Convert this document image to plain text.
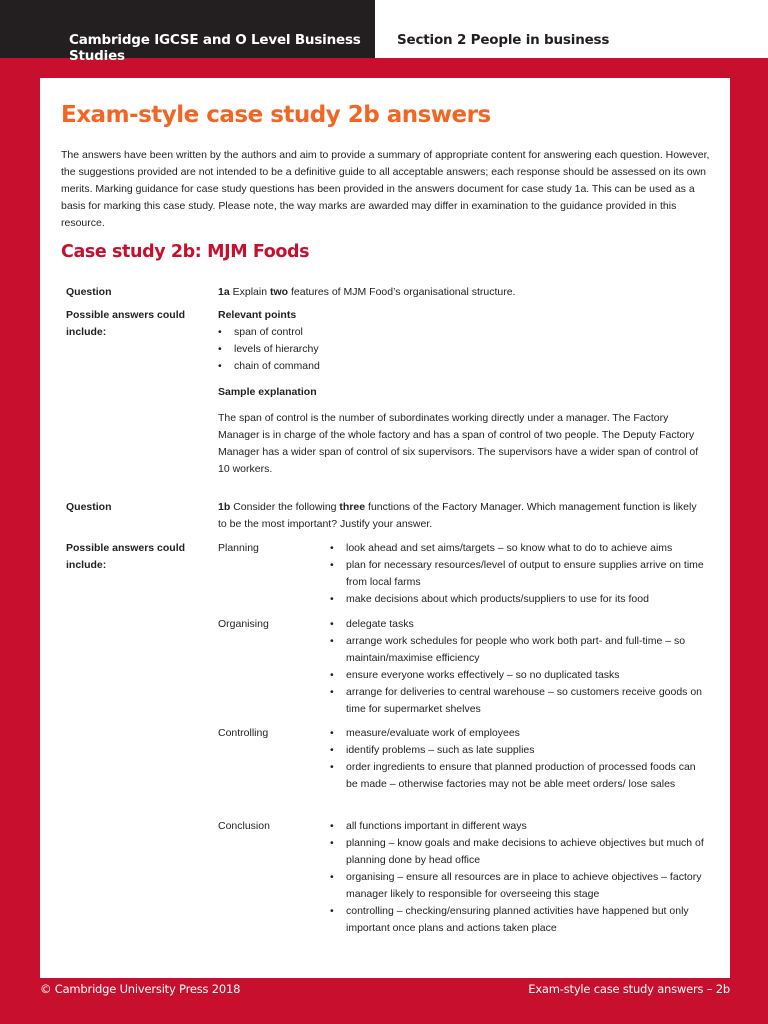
Cambridge IGCSE and O Level Business Studies
Section 2 People in business
Exam-style case study 2b answers

The answers have been written by the authors and aim to provide a summary of appropriate content for answering each question. However, the suggestions provided are not intended to be a definitive guide to all acceptable answers; each response should be assessed on its own merits. Marking guidance for case study questions has been provided in the answers document for case study 1a. This can be used as a basis for marking this case study. Please note, the way marks are awarded may differ in examination to the guidance provided in this resource.

Case study 2b: MJM Foods
Question	1a Explain two features of MJM Food’s organisational structure.
Possible answers could include:
Relevant points
• span of control
• levels of hierarchy
• chain of command
Sample explanation

The span of control is the number of subordinates working directly under a manager. The Factory Manager is in charge of the whole factory and has a span of control of two people. The Deputy Factory Manager has a wider span of control of six supervisors. The supervisors have a wider span of control of 10 workers.

Question	1b Consider the following three functions of the Factory Manager. Which management function is likely to be the most important? Justify your answer.
Possible answers could include:
Planning	• look ahead and set aims/targets – so know what to do to achieve aims
• plan for necessary resources/level of output to ensure supplies arrive on time from local farms
• make decisions about which products/suppliers to use for its food
Organising	• delegate tasks
• arrange work schedules for people who work both part- and full-time – so maintain/maximise efficiency
• ensure everyone works effectively – so no duplicated tasks
• arrange for deliveries to central warehouse – so customers receive goods on time for supermarket shelves
Controlling	• measure/evaluate work of employees
• identify problems – such as late supplies
• order ingredients to ensure that planned production of processed foods can be made – otherwise factories may not be able meet orders/ lose sales
Conclusion	• all functions important in different ways
• planning – know goals and make decisions to achieve objectives but much of planning done by head office
• organising – ensure all resources are in place to achieve objectives – factory manager likely to responsible for overseeing this stage
• controlling – checking/ensuring planned activities have happened but only important once plans and actions taken place
© Cambridge University Press 2018	Exam-style case study answers – 2b
